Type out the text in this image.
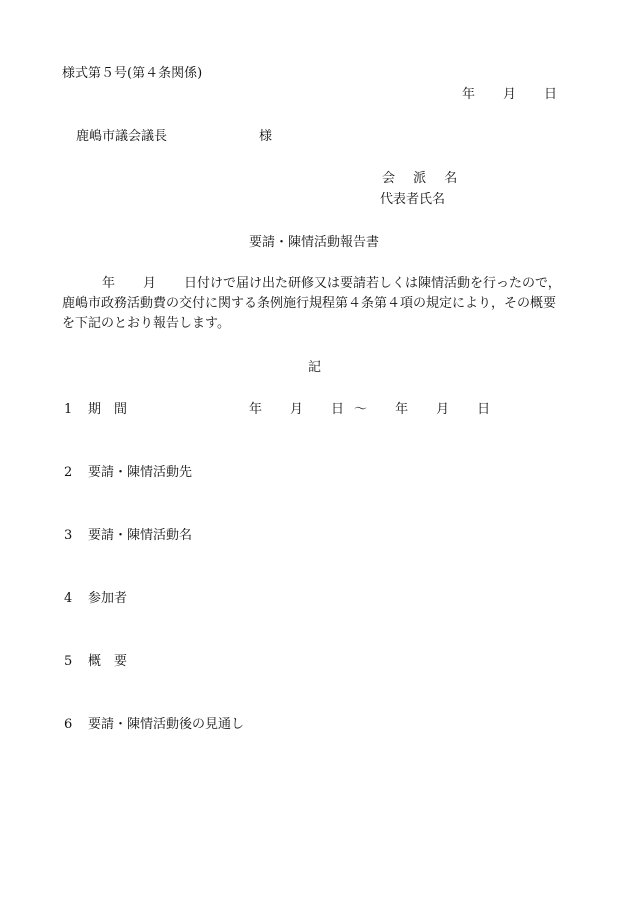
様式第５号(第４条関係)
年 月 日
鹿嶋市議会議長	様
会 派 名
代表者氏名
要請・陳情活動報告書

年 月 日付けで届け出た研修又は要請若しくは陳情活動を行ったので，

鹿嶋市政務活動費の交付に関する条例施行規程第４条第４項の規定により，その概要

を下記のとおり報告します。

記
1 期　間	年 月 日 ～ 年 月 日
2 要請・陳情活動先
3 要請・陳情活動名
4 参加者
5 概　要
6 要請・陳情活動後の見通し
